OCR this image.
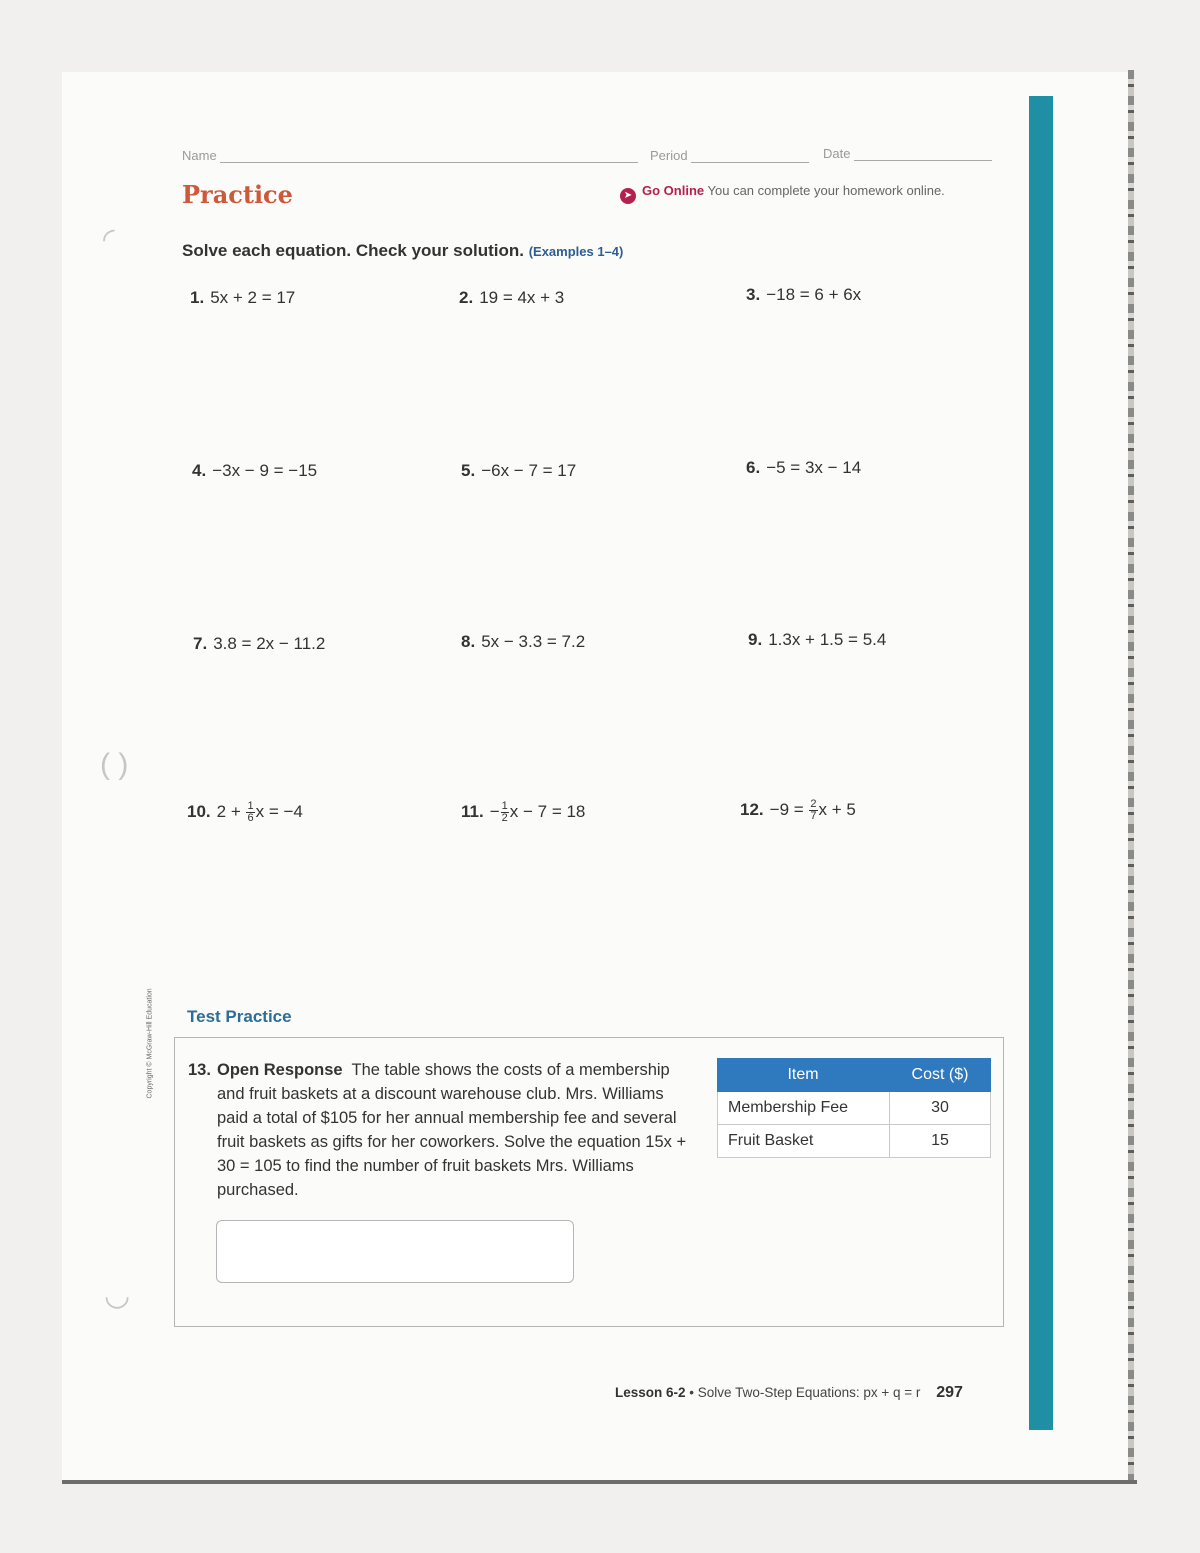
◜
( )
◡
Name	Period	Date
Practice	➤ Go Online You can complete your homework online.
Solve each equation. Check your solution. (Examples 1–4)
1. 5x + 2 = 17	2. 19 = 4x + 3	3. −18 = 6 + 6x
4. −3x − 9 = −15	5. −6x − 7 = 17	6. −5 = 3x − 14
7. 3.8 = 2x − 11.2	8. 5x − 3.3 = 7.2	9. 1.3x + 1.5 = 5.4
10. $2 + \frac{1}{6}$ x = −4	11. − $\frac{1}{2}$ x − 7 = 18	12. $-9 = \frac{2}{7}$ x + 5
Copyright © McGraw-Hill Education Test Practice
13. Open Response The table shows the costs of a membership and fruit baskets at a discount warehouse club. Mrs. Williams paid a total of $105 for her annual membership fee and several fruit baskets as gifts for her coworkers. Solve the equation 15x + 30 = 105 to find the number of fruit baskets Mrs. Williams purchased.
Item	Cost ($)
Membership Fee	30
Fruit Basket	15
Lesson 6-2 • Solve Two-Step Equations: px + q = r 297
